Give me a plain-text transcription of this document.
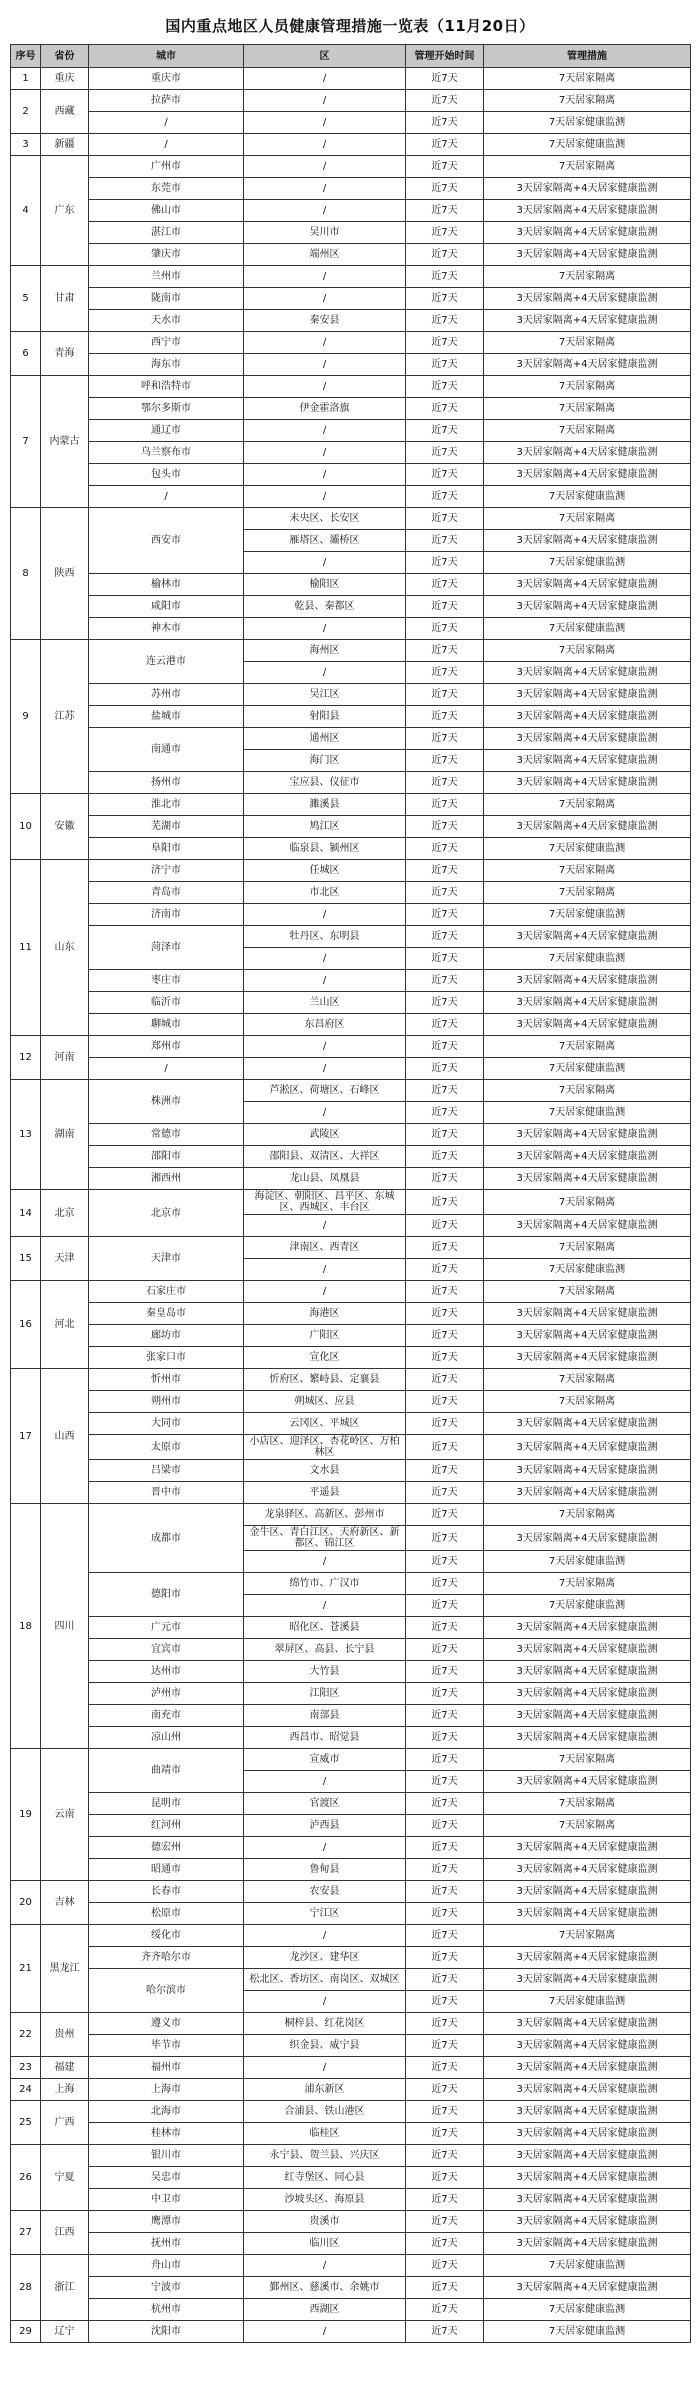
国内重点地区人员健康管理措施一览表（11月20日）
序号	省份	城市	区	管理开始时间	管理措施
1	重庆	重庆市	/	近7天	7天居家隔离
2	西藏	拉萨市	/	近7天	7天居家隔离
		/	/	近7天	7天居家健康监测
3	新疆	/	/	近7天	7天居家健康监测
4	广东	广州市	/	近7天	7天居家隔离
		东莞市	/	近7天	3天居家隔离+4天居家健康监测
		佛山市	/	近7天	3天居家隔离+4天居家健康监测
		湛江市	吴川市	近7天	3天居家隔离+4天居家健康监测
		肇庆市	端州区	近7天	3天居家隔离+4天居家健康监测
5	甘肃	兰州市	/	近7天	7天居家隔离
		陇南市	/	近7天	3天居家隔离+4天居家健康监测
		天水市	秦安县	近7天	3天居家隔离+4天居家健康监测
6	青海	西宁市	/	近7天	7天居家隔离
		海东市	/	近7天	3天居家隔离+4天居家健康监测
7	内蒙古	呼和浩特市	/	近7天	7天居家隔离
		鄂尔多斯市	伊金霍洛旗	近7天	7天居家隔离
		通辽市	/	近7天	7天居家隔离
		乌兰察布市	/	近7天	3天居家隔离+4天居家健康监测
		包头市	/	近7天	3天居家隔离+4天居家健康监测
		/	/	近7天	7天居家健康监测
8	陕西	西安市	未央区、长安区	近7天	7天居家隔离
			雁塔区、灞桥区	近7天	3天居家隔离+4天居家健康监测
			/	近7天	7天居家健康监测
		榆林市	榆阳区	近7天	3天居家隔离+4天居家健康监测
		咸阳市	乾县、秦都区	近7天	3天居家隔离+4天居家健康监测
		神木市	/	近7天	7天居家健康监测
9	江苏	连云港市	海州区	近7天	7天居家隔离
			/	近7天	3天居家隔离+4天居家健康监测
		苏州市	吴江区	近7天	3天居家隔离+4天居家健康监测
		盐城市	射阳县	近7天	3天居家隔离+4天居家健康监测
		南通市	通州区	近7天	3天居家隔离+4天居家健康监测
			海门区	近7天	3天居家隔离+4天居家健康监测
		扬州市	宝应县、仪征市	近7天	3天居家隔离+4天居家健康监测
10	安徽	淮北市	濉溪县	近7天	7天居家隔离
		芜湖市	鸠江区	近7天	3天居家隔离+4天居家健康监测
		阜阳市	临泉县、颍州区	近7天	7天居家健康监测
11	山东	济宁市	任城区	近7天	7天居家隔离
		青岛市	市北区	近7天	7天居家隔离
		济南市	/	近7天	7天居家健康监测
		菏泽市	牡丹区、东明县	近7天	3天居家隔离+4天居家健康监测
			/	近7天	7天居家健康监测
		枣庄市	/	近7天	3天居家隔离+4天居家健康监测
		临沂市	兰山区	近7天	3天居家隔离+4天居家健康监测
		聊城市	东昌府区	近7天	3天居家隔离+4天居家健康监测
12	河南	郑州市	/	近7天	7天居家隔离
		/	/	近7天	7天居家健康监测
13	湖南	株洲市	芦淞区、荷塘区、石峰区	近7天	7天居家隔离
			/	近7天	7天居家健康监测
		常德市	武陵区	近7天	3天居家隔离+4天居家健康监测
		邵阳市	邵阳县、双清区、大祥区	近7天	3天居家隔离+4天居家健康监测
		湘西州	龙山县、凤凰县	近7天	3天居家隔离+4天居家健康监测
14	北京	北京市	海淀区、朝阳区、昌平区、东城区、西城区、丰台区	近7天	7天居家隔离
			/	近7天	3天居家隔离+4天居家健康监测
15	天津	天津市	津南区、西青区	近7天	7天居家隔离
			/	近7天	7天居家健康监测
16	河北	石家庄市	/	近7天	7天居家隔离
		秦皇岛市	海港区	近7天	3天居家隔离+4天居家健康监测
		廊坊市	广阳区	近7天	3天居家隔离+4天居家健康监测
		张家口市	宣化区	近7天	3天居家隔离+4天居家健康监测
17	山西	忻州市	忻府区、繁峙县、定襄县	近7天	7天居家隔离
		朔州市	朔城区、应县	近7天	7天居家隔离
		大同市	云冈区、平城区	近7天	3天居家隔离+4天居家健康监测
		太原市	小店区、迎泽区、杏花岭区、万柏林区	近7天	3天居家隔离+4天居家健康监测
		吕梁市	文水县	近7天	3天居家隔离+4天居家健康监测
		晋中市	平遥县	近7天	3天居家隔离+4天居家健康监测
18	四川	成都市	龙泉驿区、高新区、彭州市	近7天	7天居家隔离
			金牛区、青白江区、天府新区、新都区、锦江区	近7天	3天居家隔离+4天居家健康监测
			/	近7天	7天居家健康监测
		德阳市	绵竹市、广汉市	近7天	7天居家隔离
			/	近7天	7天居家健康监测
		广元市	昭化区、苍溪县	近7天	3天居家隔离+4天居家健康监测
		宜宾市	翠屏区、高县、长宁县	近7天	3天居家隔离+4天居家健康监测
		达州市	大竹县	近7天	3天居家隔离+4天居家健康监测
		泸州市	江阳区	近7天	3天居家隔离+4天居家健康监测
		南充市	南部县	近7天	3天居家隔离+4天居家健康监测
		凉山州	西昌市、昭觉县	近7天	3天居家隔离+4天居家健康监测
19	云南	曲靖市	宣威市	近7天	7天居家隔离
			/	近7天	3天居家隔离+4天居家健康监测
		昆明市	官渡区	近7天	7天居家隔离
		红河州	泸西县	近7天	7天居家隔离
		德宏州	/	近7天	3天居家隔离+4天居家健康监测
		昭通市	鲁甸县	近7天	3天居家隔离+4天居家健康监测
20	吉林	长春市	农安县	近7天	3天居家隔离+4天居家健康监测
		松原市	宁江区	近7天	3天居家隔离+4天居家健康监测
21	黑龙江	绥化市	/	近7天	7天居家隔离
		齐齐哈尔市	龙沙区、建华区	近7天	3天居家隔离+4天居家健康监测
		哈尔滨市	松北区、香坊区、南岗区、双城区	近7天	3天居家隔离+4天居家健康监测
			/	近7天	7天居家健康监测
22	贵州	遵义市	桐梓县、红花岗区	近7天	3天居家隔离+4天居家健康监测
		毕节市	织金县、威宁县	近7天	3天居家隔离+4天居家健康监测
23	福建	福州市	/	近7天	3天居家隔离+4天居家健康监测
24	上海	上海市	浦东新区	近7天	3天居家隔离+4天居家健康监测
25	广西	北海市	合浦县、铁山港区	近7天	3天居家隔离+4天居家健康监测
		桂林市	临桂区	近7天	3天居家隔离+4天居家健康监测
26	宁夏	银川市	永宁县、贺兰县、兴庆区	近7天	3天居家隔离+4天居家健康监测
		吴忠市	红寺堡区、同心县	近7天	3天居家隔离+4天居家健康监测
		中卫市	沙坡头区、海原县	近7天	3天居家隔离+4天居家健康监测
27	江西	鹰潭市	贵溪市	近7天	3天居家隔离+4天居家健康监测
		抚州市	临川区	近7天	3天居家隔离+4天居家健康监测
28	浙江	舟山市	/	近7天	7天居家健康监测
		宁波市	鄞州区、慈溪市、余姚市	近7天	3天居家隔离+4天居家健康监测
		杭州市	西湖区	近7天	7天居家健康监测
29	辽宁	沈阳市	/	近7天	7天居家健康监测
